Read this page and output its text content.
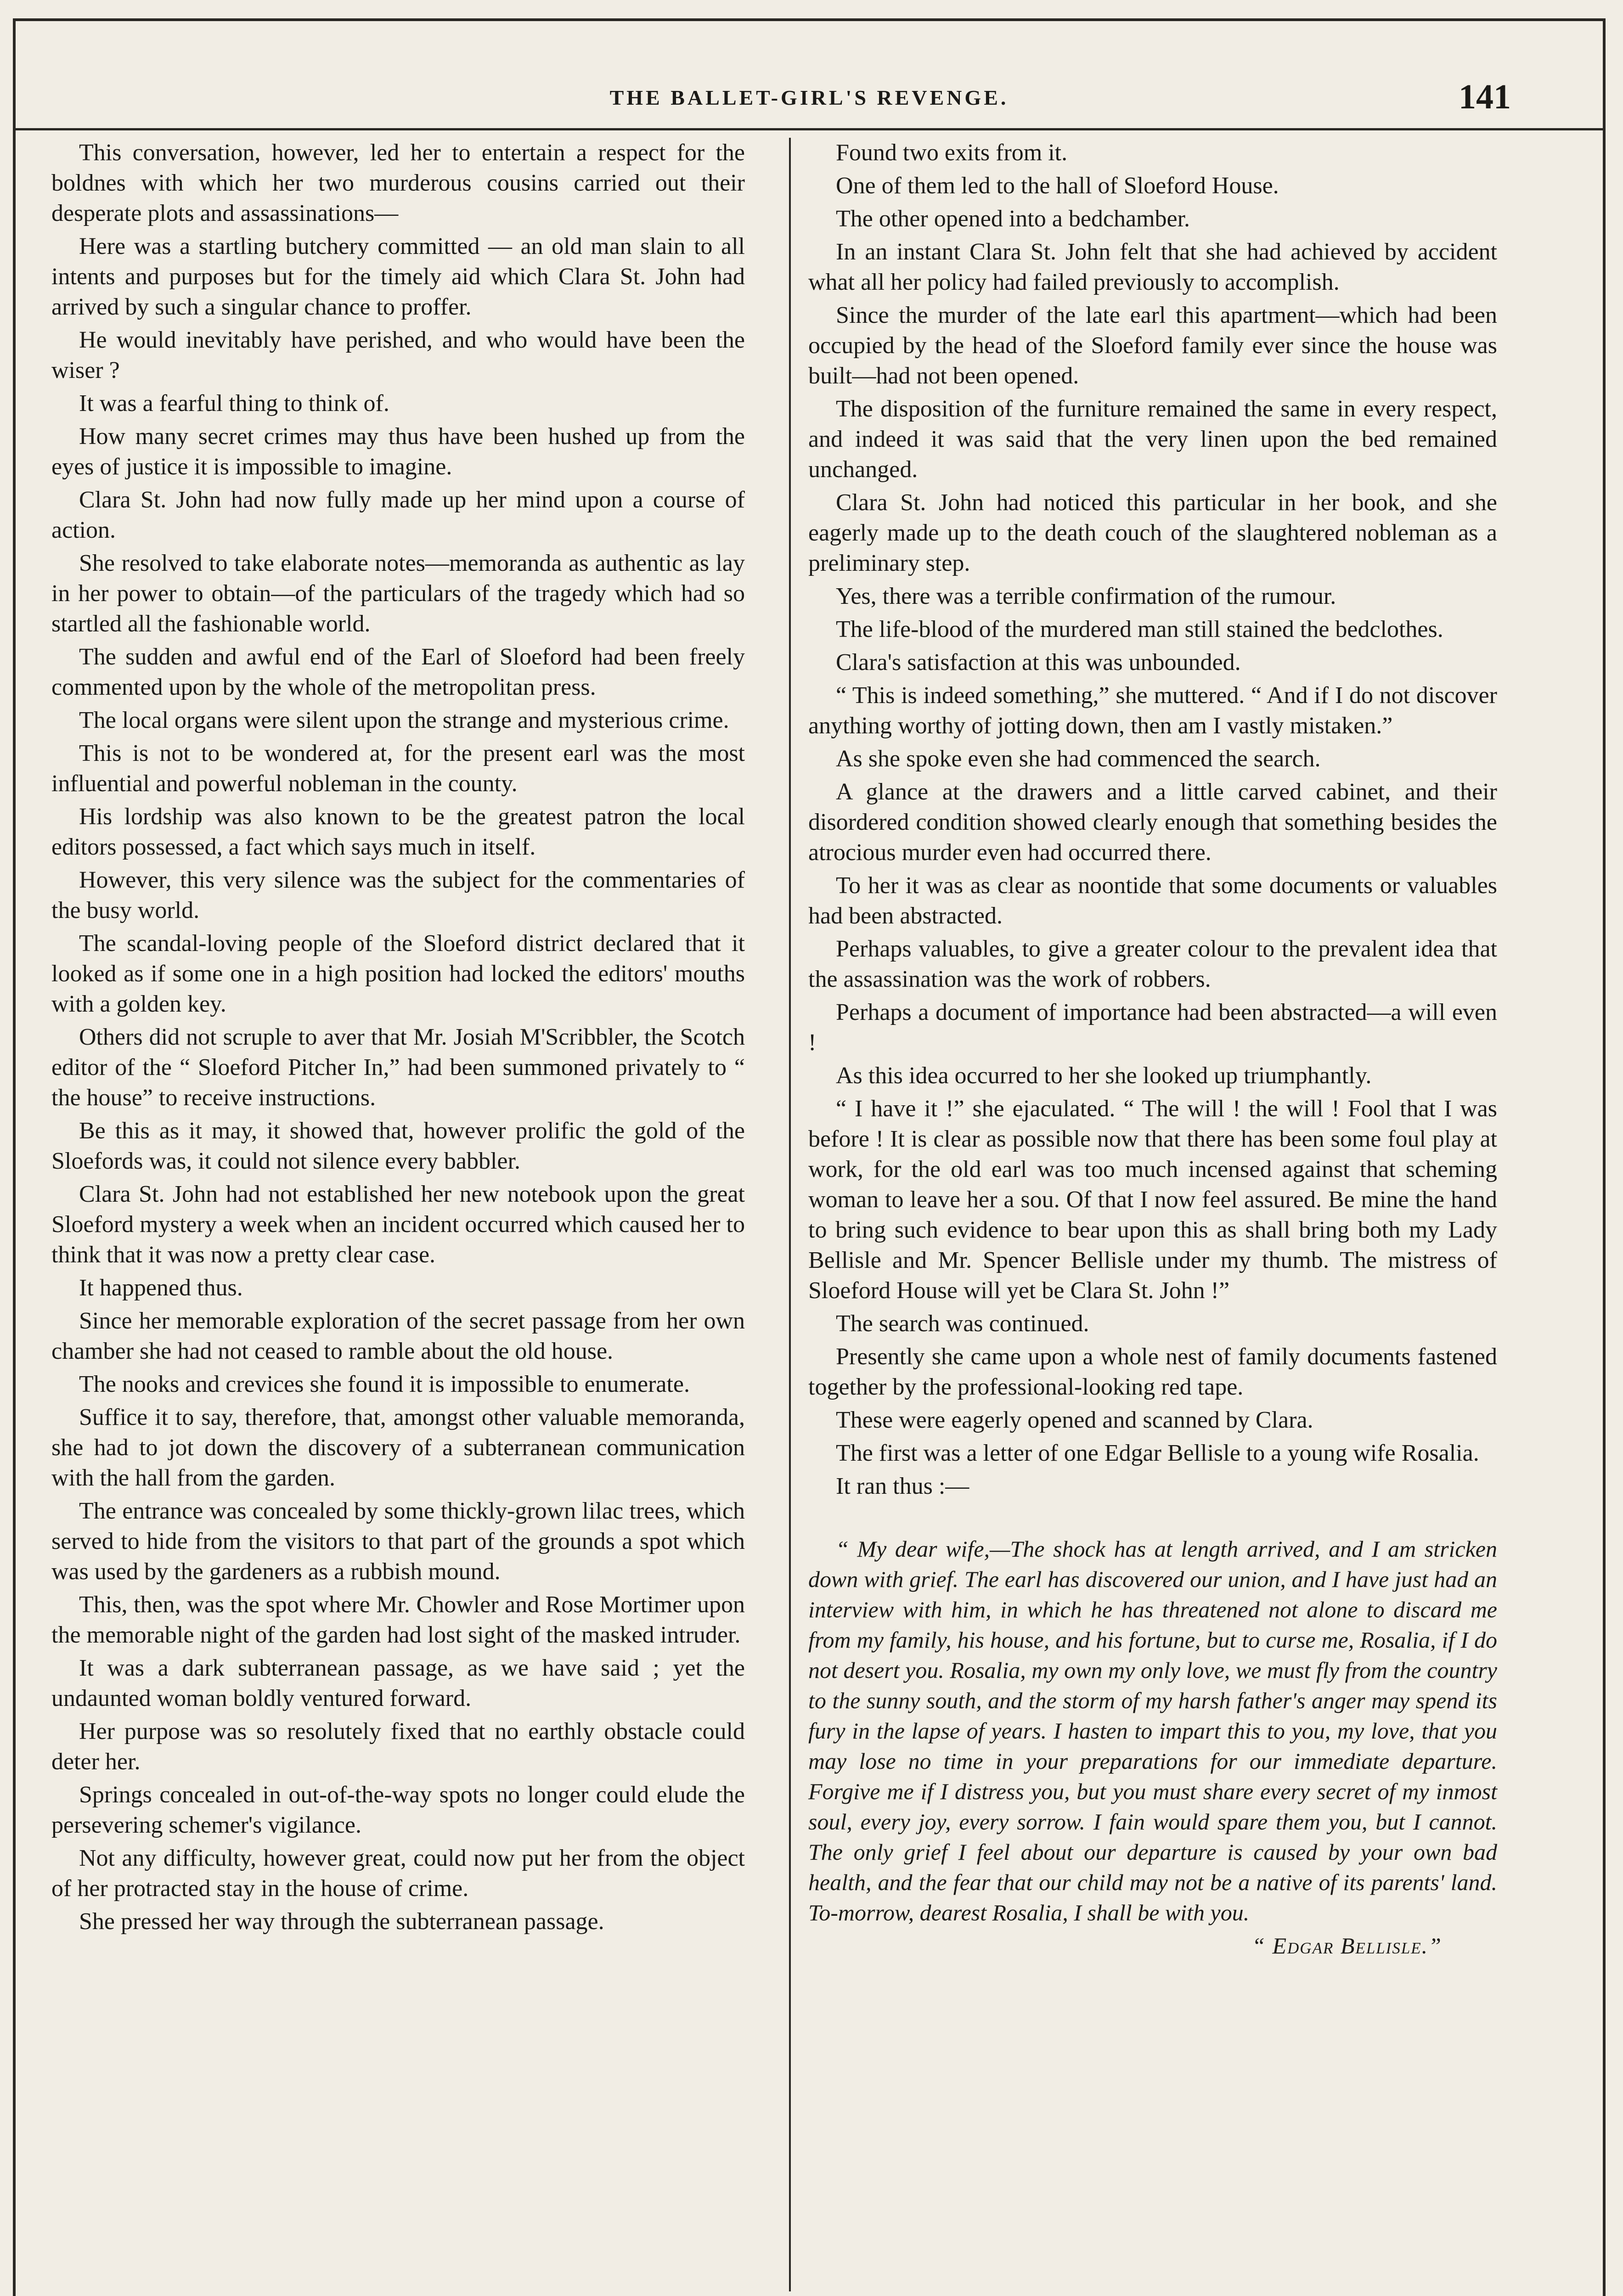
THE BALLET-GIRL'S REVENGE.	141

This conversation, however, led her to entertain a respect for the boldnes with which her two murderous cousins carried out their desperate plots and assassinations—

Here was a startling butchery committed — an old man slain to all intents and purposes but for the timely aid which Clara St. John had arrived by such a singular chance to proffer.

He would inevitably have perished, and who would have been the wiser ?

It was a fearful thing to think of.

How many secret crimes may thus have been hushed up from the eyes of justice it is impossible to imagine.

Clara St. John had now fully made up her mind upon a course of action.

She resolved to take elaborate notes—memoranda as authentic as lay in her power to obtain—of the particulars of the tragedy which had so startled all the fashionable world.

The sudden and awful end of the Earl of Sloeford had been freely commented upon by the whole of the metropolitan press.

The local organs were silent upon the strange and mysterious crime.

This is not to be wondered at, for the present earl was the most influential and powerful nobleman in the county.

His lordship was also known to be the greatest patron the local editors possessed, a fact which says much in itself.

However, this very silence was the subject for the commentaries of the busy world.

The scandal-loving people of the Sloeford district declared that it looked as if some one in a high position had locked the editors' mouths with a golden key.

Others did not scruple to aver that Mr. Josiah M'Scribbler, the Scotch editor of the “ Sloeford Pitcher In,” had been summoned privately to “ the house” to receive instructions.

Be this as it may, it showed that, however prolific the gold of the Sloefords was, it could not silence every babbler.

Clara St. John had not established her new notebook upon the great Sloeford mystery a week when an incident occurred which caused her to think that it was now a pretty clear case.

It happened thus.

Since her memorable exploration of the secret passage from her own chamber she had not ceased to ramble about the old house.

The nooks and crevices she found it is impossible to enumerate.

Suffice it to say, therefore, that, amongst other valuable memoranda, she had to jot down the discovery of a subterranean communication with the hall from the garden.

The entrance was concealed by some thickly-grown lilac trees, which served to hide from the visitors to that part of the grounds a spot which was used by the gardeners as a rubbish mound.

This, then, was the spot where Mr. Chowler and Rose Mortimer upon the memorable night of the garden had lost sight of the masked intruder.

It was a dark subterranean passage, as we have said ; yet the undaunted woman boldly ventured forward.

Her purpose was so resolutely fixed that no earthly obstacle could deter her.

Springs concealed in out-of-the-way spots no longer could elude the persevering schemer's vigilance.

Not any difficulty, however great, could now put her from the object of her protracted stay in the house of crime.

She pressed her way through the subterranean passage.

Found two exits from it.

One of them led to the hall of Sloeford House.

The other opened into a bedchamber.

In an instant Clara St. John felt that she had achieved by accident what all her policy had failed previously to accomplish.

Since the murder of the late earl this apartment—which had been occupied by the head of the Sloeford family ever since the house was built—had not been opened.

The disposition of the furniture remained the same in every respect, and indeed it was said that the very linen upon the bed remained unchanged.

Clara St. John had noticed this particular in her book, and she eagerly made up to the death couch of the slaughtered nobleman as a preliminary step.

Yes, there was a terrible confirmation of the rumour.

The life-blood of the murdered man still stained the bedclothes.

Clara's satisfaction at this was unbounded.

“ This is indeed something,” she muttered. “ And if I do not discover anything worthy of jotting down, then am I vastly mistaken.”

As she spoke even she had commenced the search.

A glance at the drawers and a little carved cabinet, and their disordered condition showed clearly enough that something besides the atrocious murder even had occurred there.

To her it was as clear as noontide that some documents or valuables had been abstracted.

Perhaps valuables, to give a greater colour to the prevalent idea that the assassination was the work of robbers.

Perhaps a document of importance had been abstracted—a will even !

As this idea occurred to her she looked up triumphantly.

“ I have it !” she ejaculated. “ The will ! the will ! Fool that I was before ! It is clear as possible now that there has been some foul play at work, for the old earl was too much incensed against that scheming woman to leave her a sou. Of that I now feel assured. Be mine the hand to bring such evidence to bear upon this as shall bring both my Lady Bellisle and Mr. Spencer Bellisle under my thumb. The mistress of Sloeford House will yet be Clara St. John !”

The search was continued.

Presently she came upon a whole nest of family documents fastened together by the professional-looking red tape.

These were eagerly opened and scanned by Clara.

The first was a letter of one Edgar Bellisle to a young wife Rosalia.

It ran thus :—

“ My dear wife,—The shock has at length arrived, and I am stricken down with grief. The earl has discovered our union, and I have just had an interview with him, in which he has threatened not alone to discard me from my family, his house, and his fortune, but to curse me, Rosalia, if I do not desert you. Rosalia, my own my only love, we must fly from the country to the sunny south, and the storm of my harsh father's anger may spend its fury in the lapse of years. I hasten to impart this to you, my love, that you may lose no time in your preparations for our immediate departure. Forgive me if I distress you, but you must share every secret of my inmost soul, every joy, every sorrow. I fain would spare them you, but I cannot. The only grief I feel about our departure is caused by your own bad health, and the fear that our child may not be a native of its parents' land. To-morrow, dearest Rosalia, I shall be with you.

“ Edgar Bellisle.”
